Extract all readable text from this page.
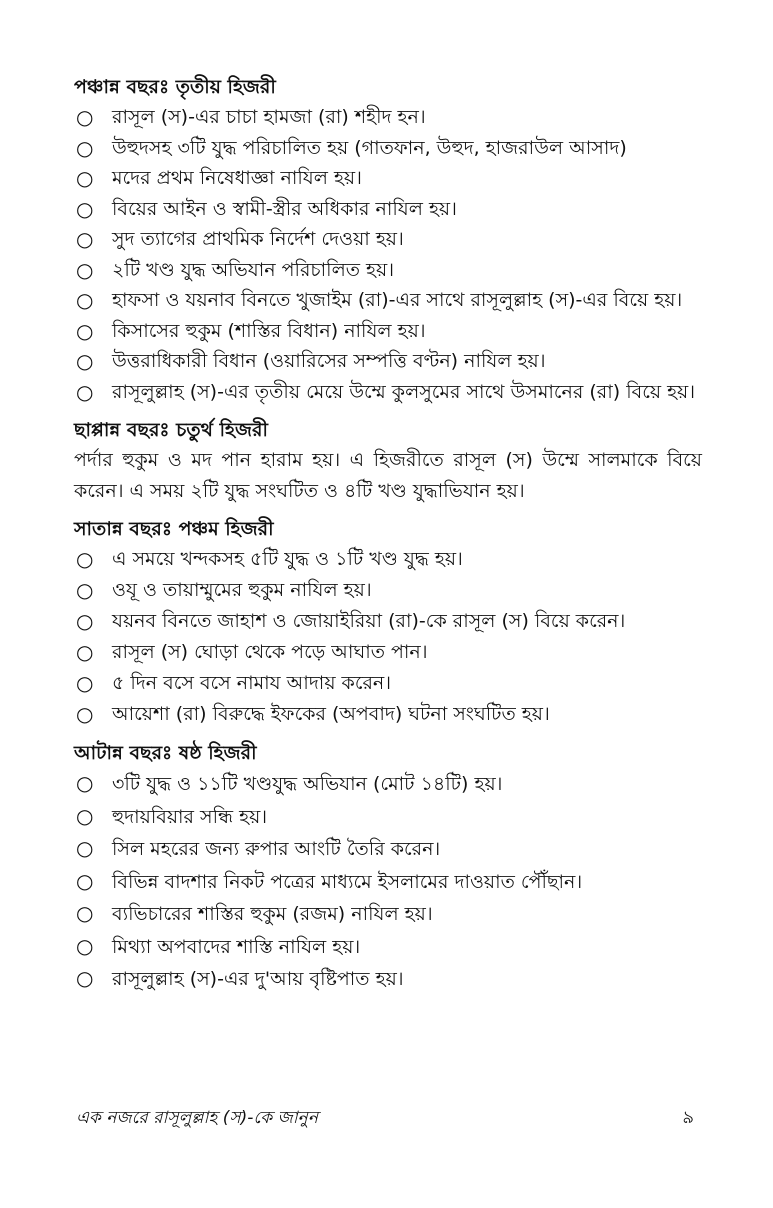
পঞ্চান্ন বছরঃ তৃতীয় হিজরী
○ রাসূল (স)-এর চাচা হামজা (রা) শহীদ হন।
○ উহুদসহ ৩টি যুদ্ধ পরিচালিত হয় (গাতফান, উহুদ, হাজরাউল আসাদ)
○ মদের প্রথম নিষেধাজ্ঞা নাযিল হয়।
○ বিয়ের আইন ও স্বামী-স্ত্রীর অধিকার নাযিল হয়।
○ সুদ ত্যাগের প্রাথমিক নির্দেশ দেওয়া হয়।
○ ২টি খণ্ড যুদ্ধ অভিযান পরিচালিত হয়।
○ হাফসা ও যয়নাব বিনতে খুজাইম (রা)-এর সাথে রাসূলুল্লাহ (স)-এর বিয়ে হয়।
○ কিসাসের হুকুম (শাস্তির বিধান) নাযিল হয়।
○ উত্তরাধিকারী বিধান (ওয়ারিসের সম্পত্তি বণ্টন) নাযিল হয়।
○ রাসূলুল্লাহ (স)-এর তৃতীয় মেয়ে উম্মে কুলসুমের সাথে উসমানের (রা) বিয়ে হয়।
ছাপ্পান্ন বছরঃ চতুর্থ হিজরী

পর্দার হুকুম ও মদ পান হারাম হয়। এ হিজরীতে রাসূল (স) উম্মে সালমাকে বিয়ে করেন। এ সময় ২টি যুদ্ধ সংঘটিত ও ৪টি খণ্ড যুদ্ধাভিযান হয়।

সাতান্ন বছরঃ পঞ্চম হিজরী
○ এ সময়ে খন্দকসহ ৫টি যুদ্ধ ও ১টি খণ্ড যুদ্ধ হয়।
○ ওযূ ও তায়াম্মুমের হুকুম নাযিল হয়।
○ যয়নব বিনতে জাহাশ ও জোয়াইরিয়া (রা)-কে রাসূল (স) বিয়ে করেন।
○ রাসূল (স) ঘোড়া থেকে পড়ে আঘাত পান।
○ ৫ দিন বসে বসে নামায আদায় করেন।
○ আয়েশা (রা) বিরুদ্ধে ইফকের (অপবাদ) ঘটনা সংঘটিত হয়।
আটান্ন বছরঃ ষষ্ঠ হিজরী
○ ৩টি যুদ্ধ ও ১১টি খণ্ডযুদ্ধ অভিযান (মোট ১৪টি) হয়।
○ হুদায়বিয়ার সন্ধি হয়।
○ সিল মহরের জন্য রুপার আংটি তৈরি করেন।
○ বিভিন্ন বাদশার নিকট পত্রের মাধ্যমে ইসলামের দাওয়াত পৌঁছান।
○ ব্যভিচারের শাস্তির হুকুম (রজম) নাযিল হয়।
○ মিথ্যা অপবাদের শাস্তি নাযিল হয়।
○ রাসূলুল্লাহ (স)-এর দু'আয় বৃষ্টিপাত হয়।
এক নজরে রাসূলুল্লাহ (স)-কে জানুন	৯
